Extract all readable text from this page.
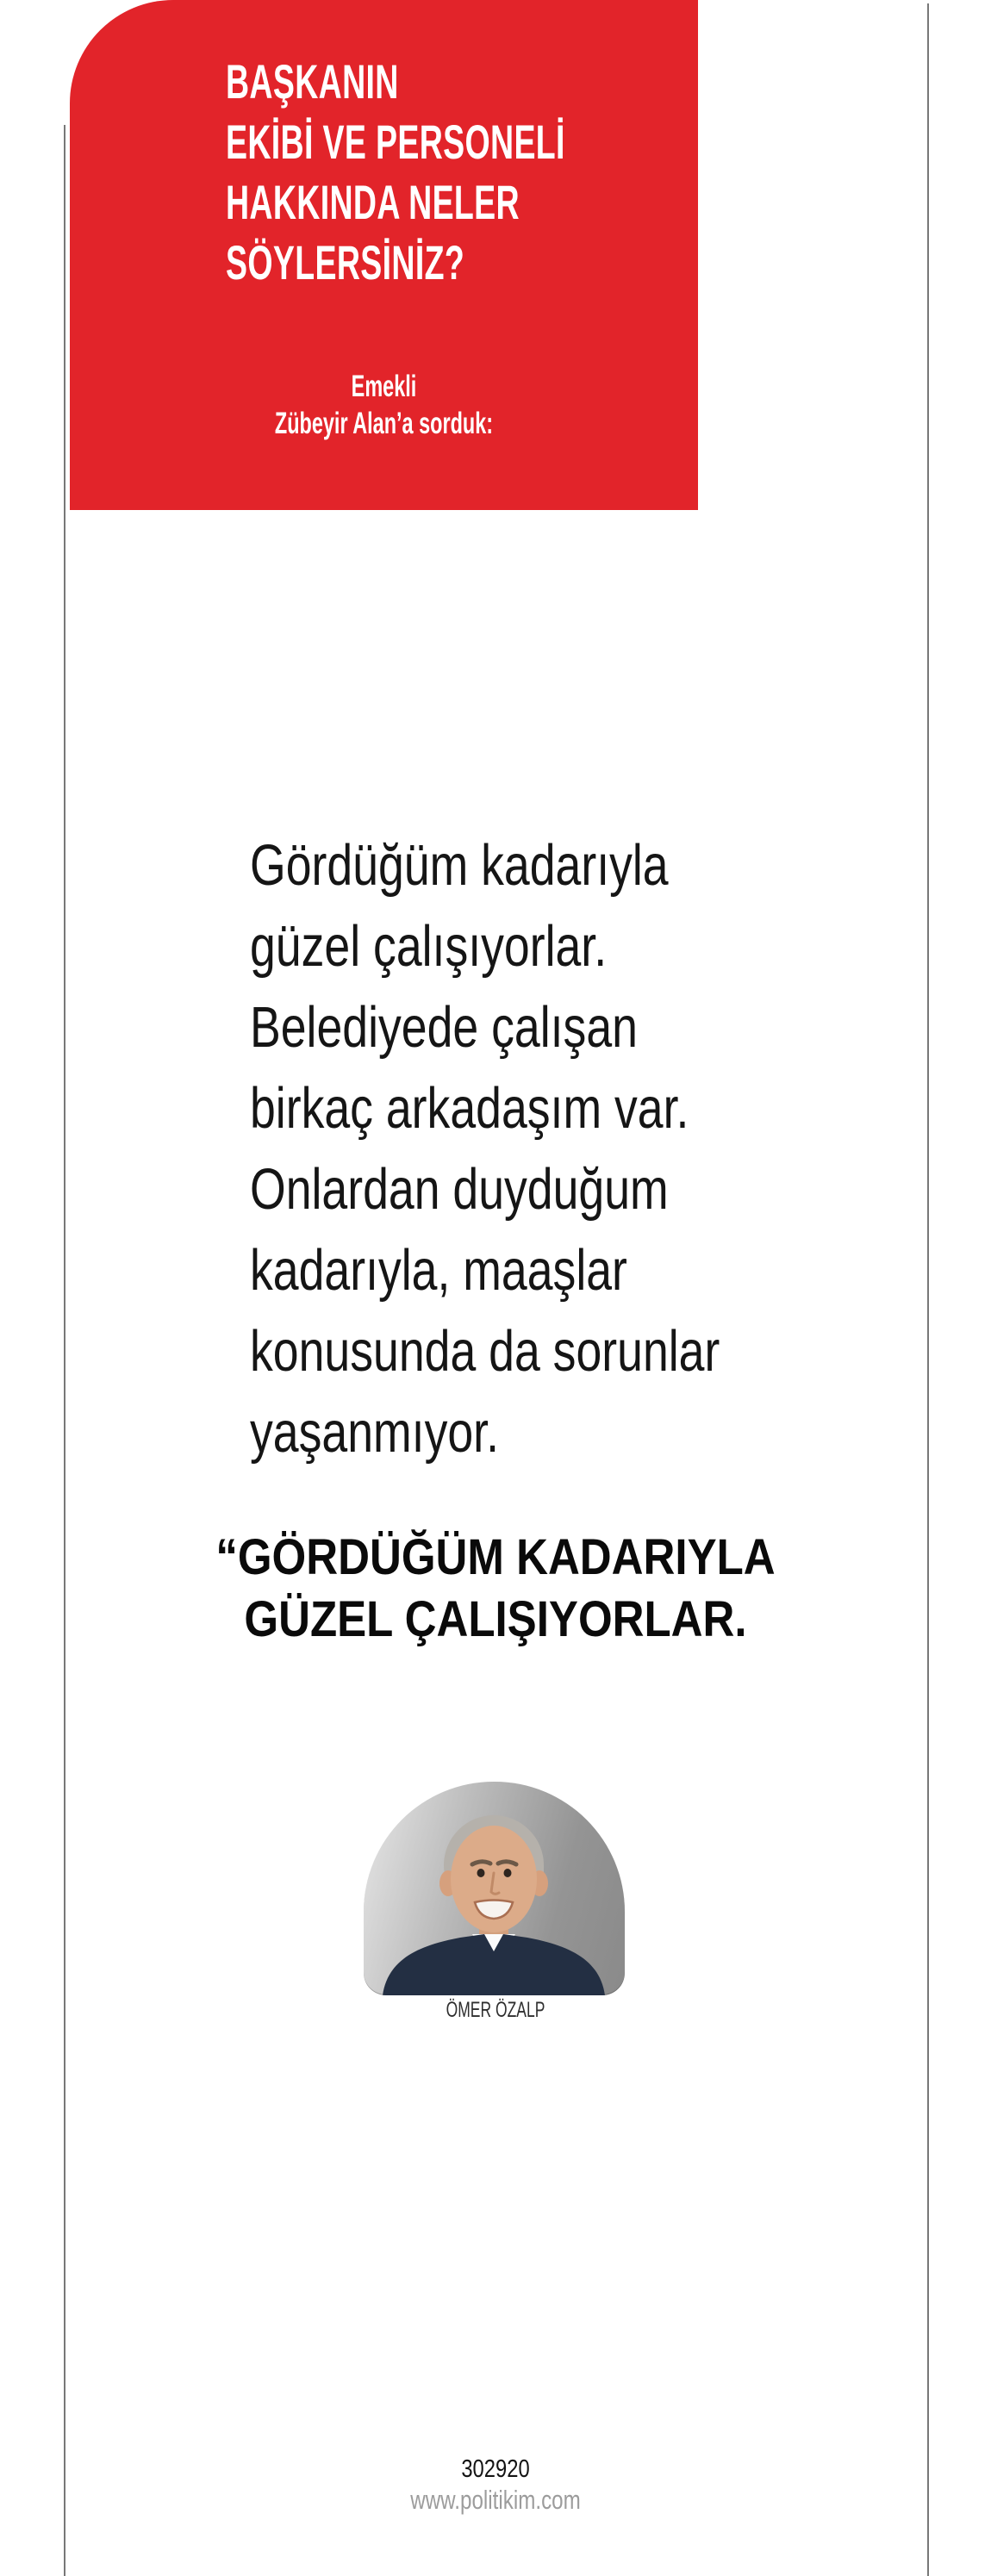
BAŞKANIN
EKİBİ VE PERSONELİ
HAKKINDA NELER
SÖYLERSİNİZ?
Emekli
Zübeyir Alan’a sorduk:
Gördüğüm kadarıyla
güzel çalışıyorlar.
Belediyede çalışan
birkaç arkadaşım var.
Onlardan duyduğum
kadarıyla, maaşlar
konusunda da sorunlar
yaşanmıyor.
“GÖRDÜĞÜM KADARIYLA
GÜZEL ÇALIŞIYORLAR.
ÖMER ÖZALP
302920
www.politikim.com
